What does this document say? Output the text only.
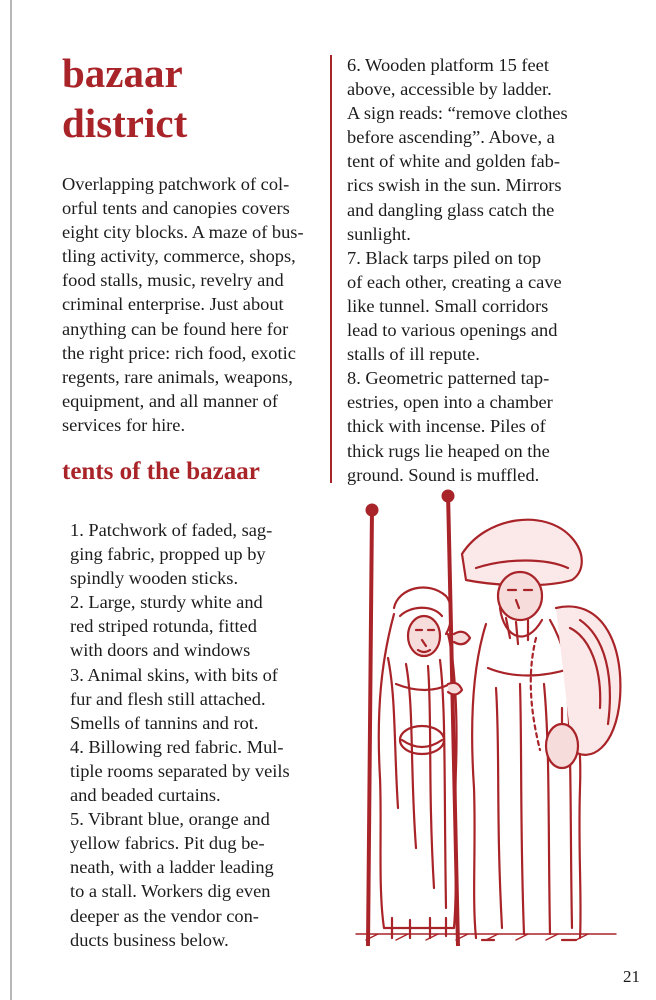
bazaar
district

Overlapping patchwork of col-
orful tents and canopies covers
eight city blocks. A maze of bus-
tling activity, commerce, shops,
food stalls, music, revelry and
criminal enterprise. Just about
anything can be found here for
the right price: rich food, exotic
regents, rare animals, weapons,
equipment, and all manner of
services for hire.

tents of the bazaar
1. Patchwork of faded, sag-
ging fabric, propped up by
spindly wooden sticks.
2. Large, sturdy white and
red striped rotunda, fitted
with doors and windows
3. Animal skins, with bits of
fur and flesh still attached.
Smells of tannins and rot.
4. Billowing red fabric. Mul-
tiple rooms separated by veils
and beaded curtains.
5. Vibrant blue, orange and
yellow fabrics. Pit dug be-
neath, with a ladder leading
to a stall. Workers dig even
deeper as the vendor con-
ducts business below.
6. Wooden platform 15 feet
above, accessible by ladder.
A sign reads: “remove clothes
before ascending”. Above, a
tent of white and golden fab-
rics swish in the sun. Mirrors
and dangling glass catch the
sunlight.
7. Black tarps piled on top
of each other, creating a cave
like tunnel. Small corridors
lead to various openings and
stalls of ill repute.
8. Geometric patterned tap-
estries, open into a chamber
thick with incense. Piles of
thick rugs lie heaped on the
ground. Sound is muffled.
21
